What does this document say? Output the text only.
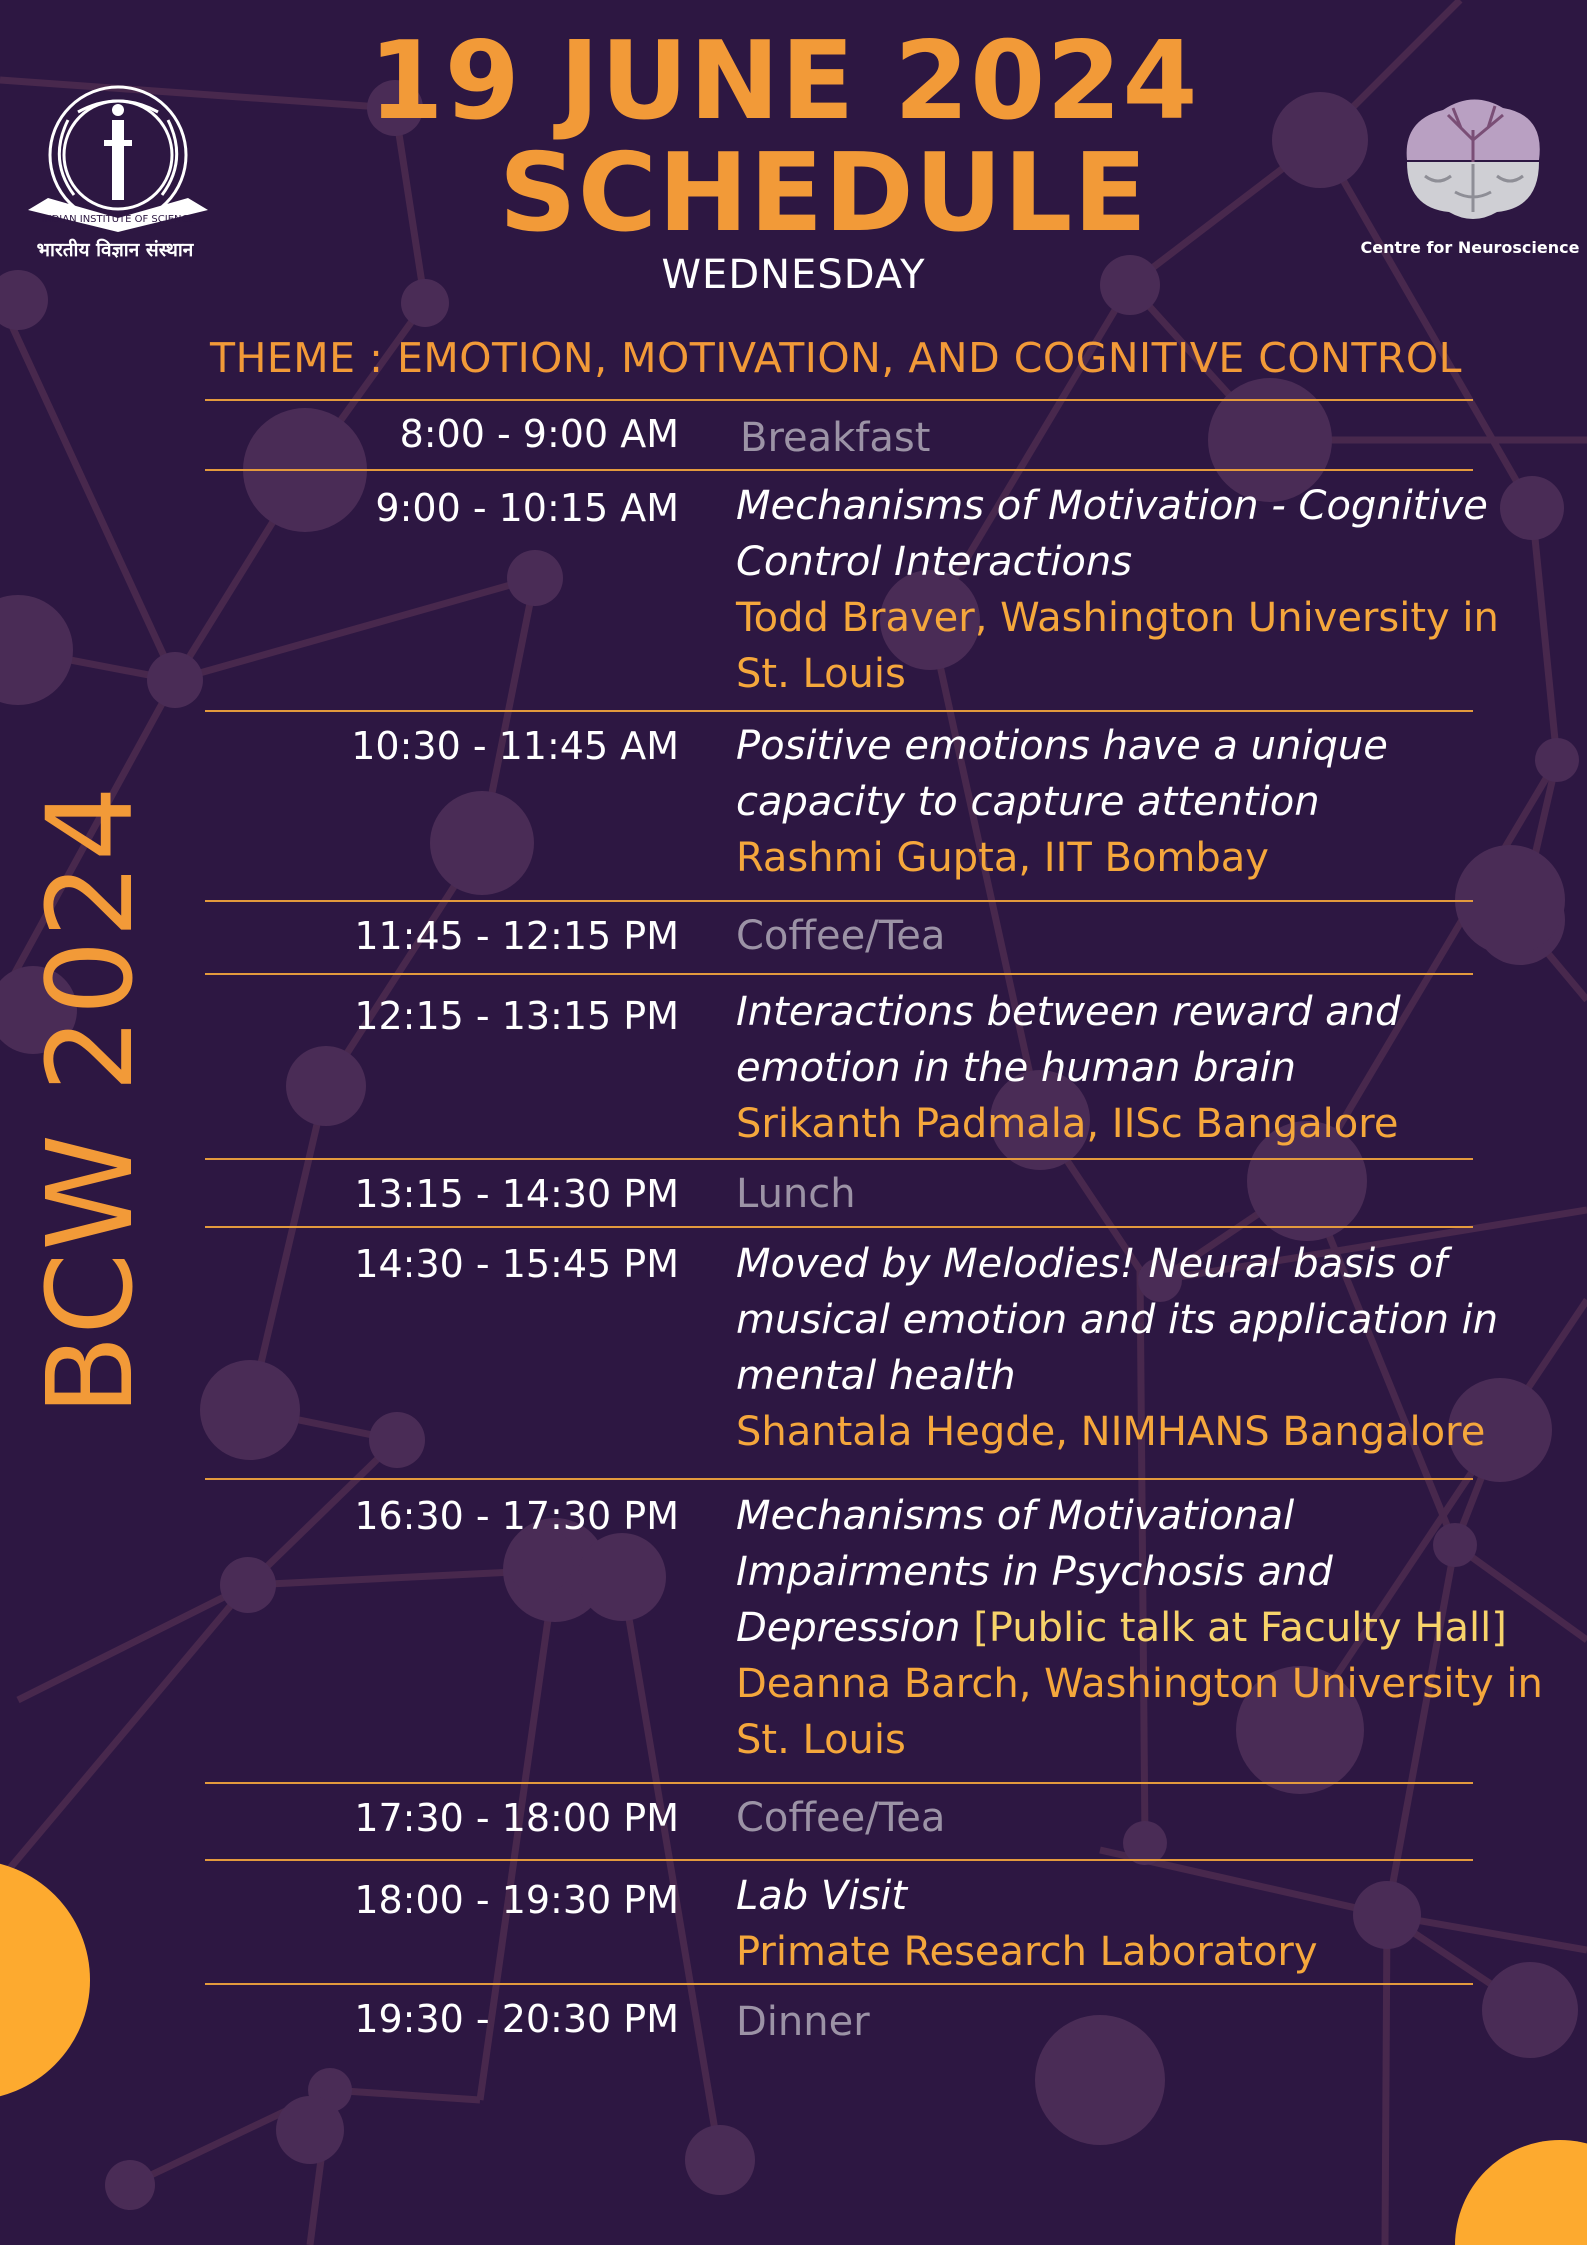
INDIAN INSTITUTE OF SCIENCE
भारतीय विज्ञान संस्थान	Centre for Neuroscience
19 JUNE 2024
SCHEDULE
WEDNESDAY
THEME : EMOTION, MOTIVATION, AND COGNITIVE CONTROL
BCW 2024
8:00 - 9:00 AM Breakfast
9:00 - 10:15 AM Mechanisms of Motivation - Cognitive Control Interactions
Todd Braver, Washington University in St. Louis
10:30 - 11:45 AM Positive emotions have a unique capacity to capture attention
Rashmi Gupta, IIT Bombay
11:45 - 12:15 PM Coffee/Tea
12:15 - 13:15 PM Interactions between reward and emotion in the human brain
Srikanth Padmala, IISc Bangalore
13:15 - 14:30 PM Lunch
14:30 - 15:45 PM Moved by Melodies! Neural basis of musical emotion and its application in mental health
Shantala Hegde, NIMHANS Bangalore
16:30 - 17:30 PM Mechanisms of Motivational Impairments in Psychosis and Depression [Public talk at Faculty Hall]
Deanna Barch, Washington University in St. Louis
17:30 - 18:00 PM Coffee/Tea
18:00 - 19:30 PM Lab Visit
Primate Research Laboratory
19:30 - 20:30 PM Dinner
